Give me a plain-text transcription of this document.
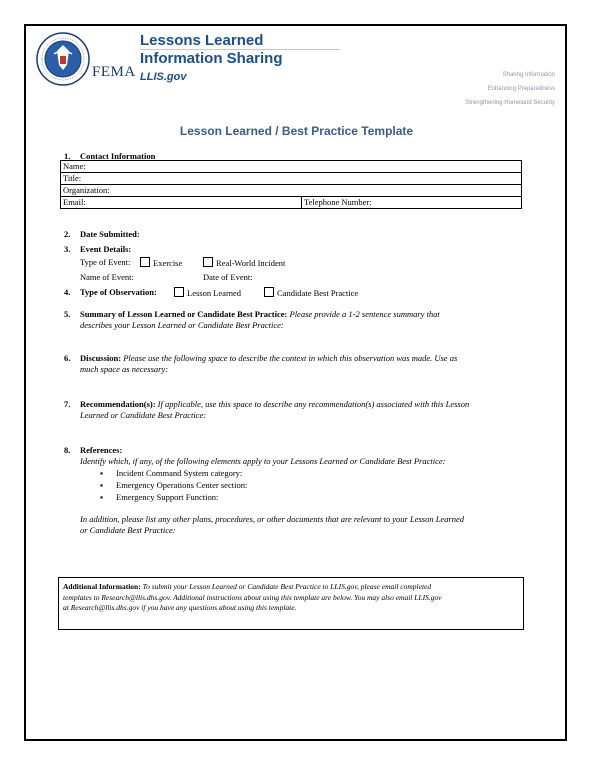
FEMA
Lessons Learned
Information Sharing
LLIS.gov	Sharing Information
Enhancing Preparedness
Strengthening Homeland Security
Lesson Learned / Best Practice Template
1. Contact Information
Name:
Title:
Organization:
Email:	Telephone Number:
2. Date Submitted:
3. Event Details:
Type of Event:	Exercise	Real-World Incident
Name of Event:	Date of Event:
4. Type of Observation:	Lesson Learned	Candidate Best Practice
5. Summary of Lesson Learned or Candidate Best Practice: Please provide a 1-2 sentence summary that
describes your Lesson Learned or Candidate Best Practice:
6. Discussion: Please use the following space to describe the context in which this observation was made. Use as
much space as necessary:
7. Recommendation(s): If applicable, use this space to describe any recommendation(s) associated with this Lesson
Learned or Candidate Best Practice:
8. References:
Identify which, if any, of the following elements apply to your Lessons Learned or Candidate Best Practice:
▪ Incident Command System category:
▪ Emergency Operations Center section:
▪ Emergency Support Function:
In addition, please list any other plans, procedures, or other documents that are relevant to your Lesson Learned
or Candidate Best Practice:
Additional Information: To submit your Lesson Learned or Candidate Best Practice to LLIS.gov, please email completed
templates to Research@llis.dhs.gov. Additional instructions about using this template are below. You may also email LLIS.gov
at Research@llis.dhs.gov if you have any questions about using this template.
